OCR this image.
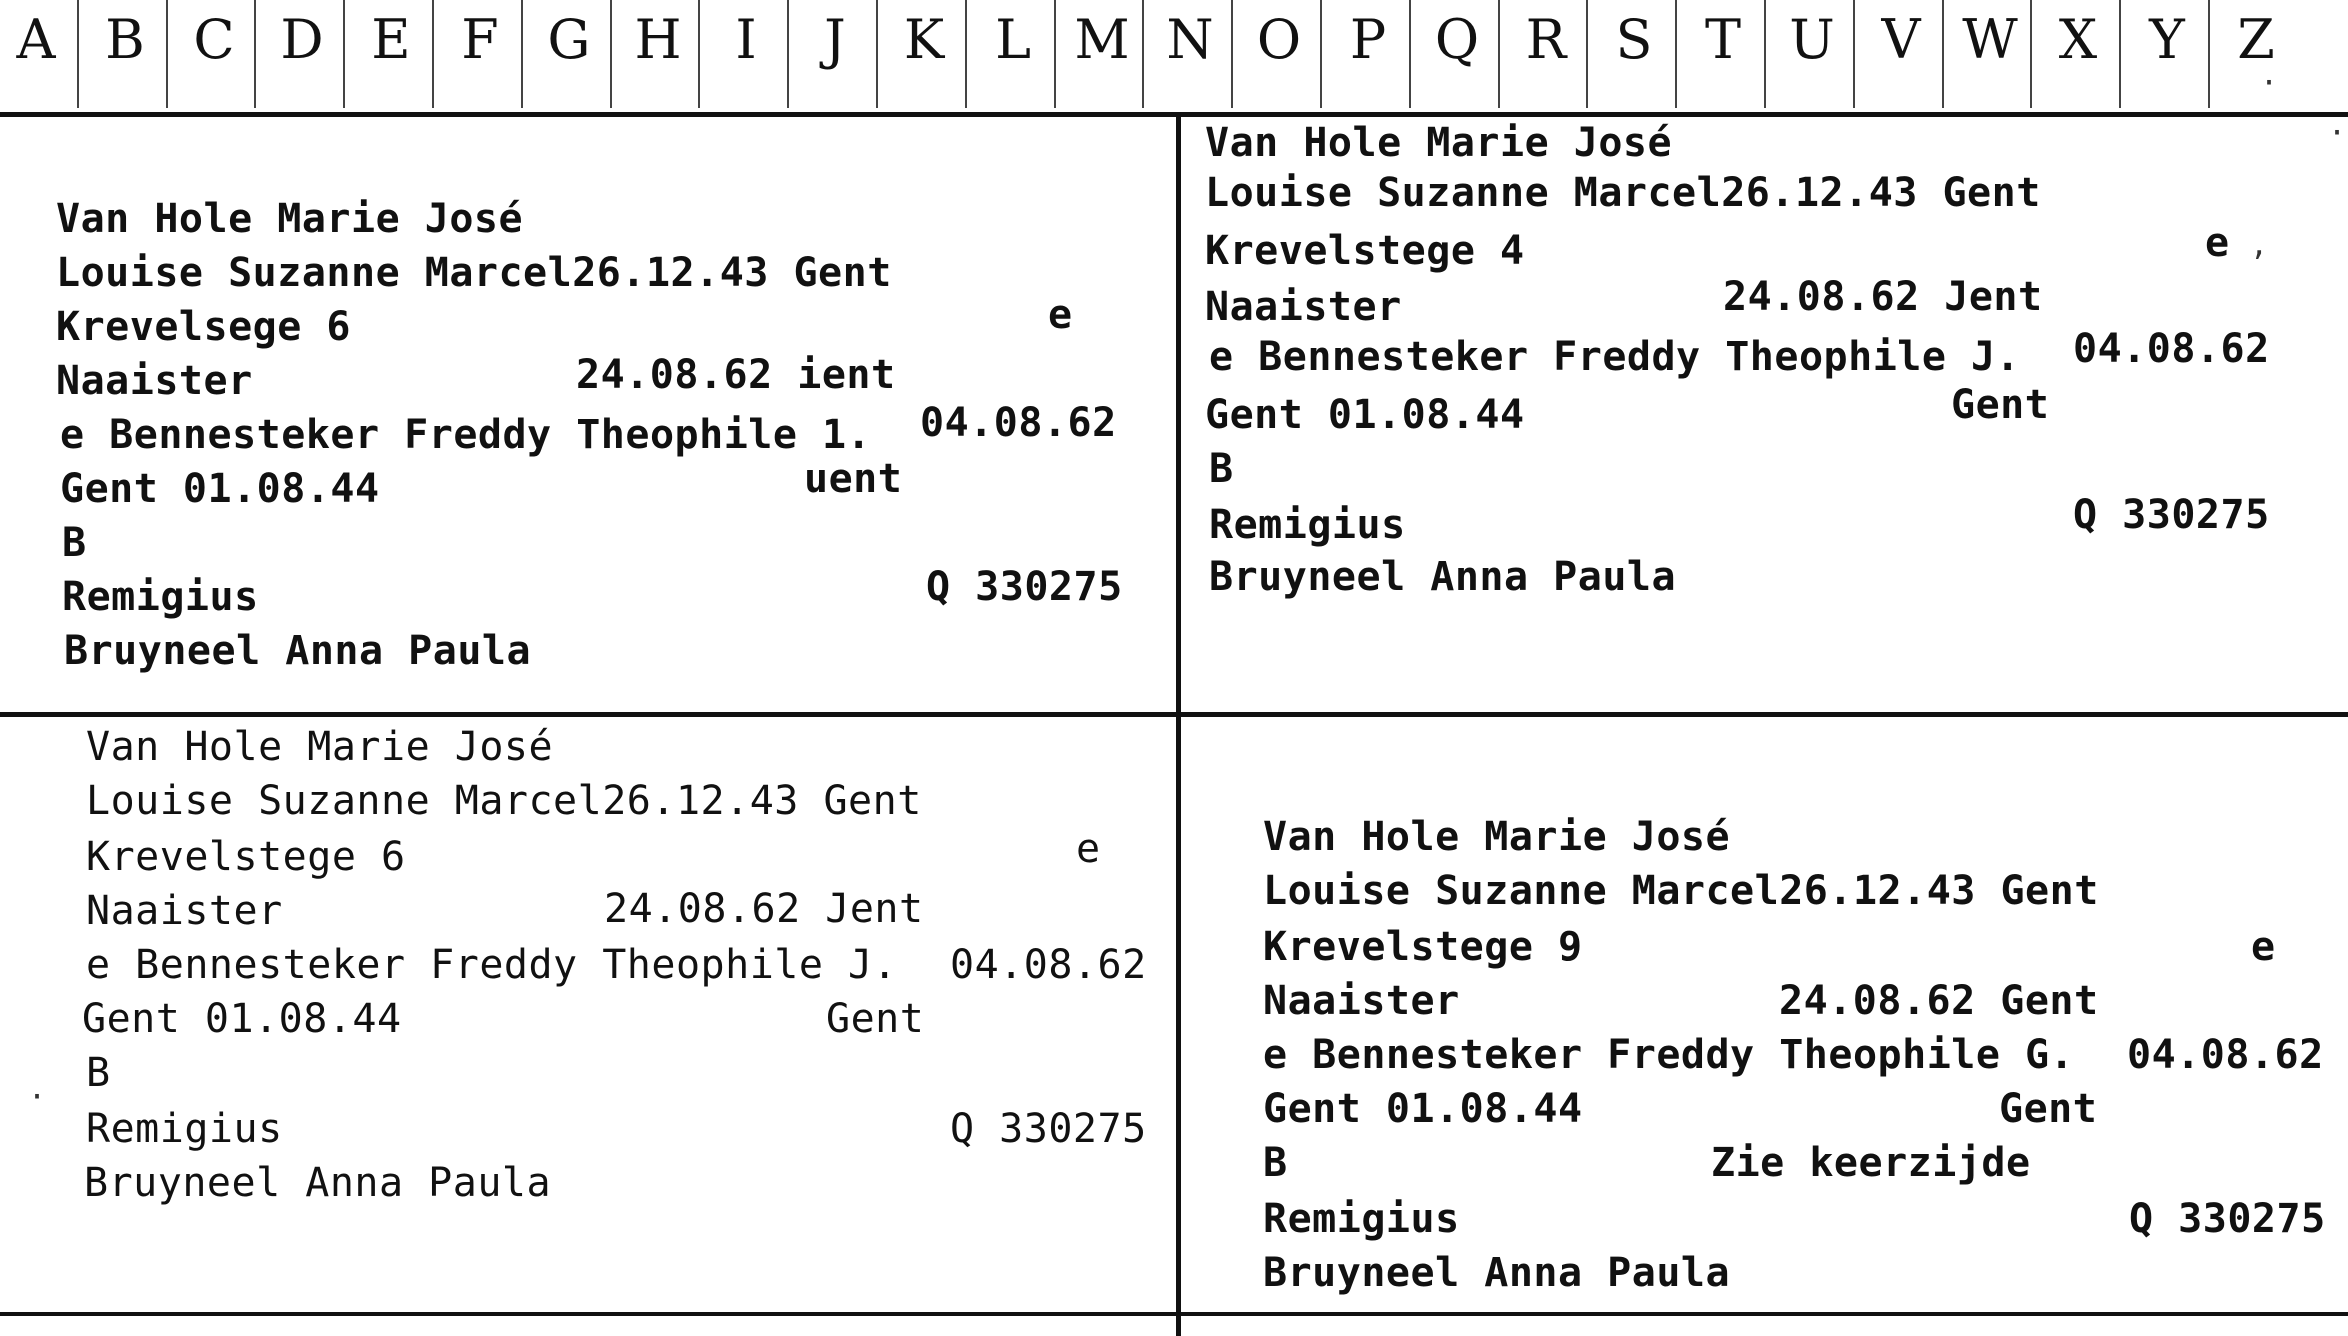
A B C D E F G H I	J	K L M N O P Q R S T U V W X Y Z
Van Hole Marie José
Louise Suzanne Marcel26.12.43 Gent
Krevelsege 6	e
Naaister	24.08.62 ient
e Bennesteker Freddy Theophile 1. 04.08.62
Gent 01.08.44	uent
B
Remigius	Q 330275
Bruyneel Anna Paula
Van Hole Marie José
Louise Suzanne Marcel26.12.43 Gent
Krevelstege 4	e
Naaister	24.08.62 Jent
e Bennesteker Freddy Theophile J. 04.08.62
Gent 01.08.44	Gent
B
Remigius	Q 330275
Bruyneel Anna Paula
Van Hole Marie José
Louise Suzanne Marcel26.12.43 Gent
Krevelstege 6	e
Naaister	24.08.62 Jent
e Bennesteker Freddy Theophile J. 04.08.62
Gent 01.08.44	Gent
B
Remigius	Q 330275
Bruyneel Anna Paula
Van Hole Marie José
Louise Suzanne Marcel26.12.43 Gent
Krevelstege 9	e
Naaister	24.08.62 Gent
e Bennesteker Freddy Theophile G. 04.08.62
Gent 01.08.44	Gent
B	Zie keerzijde
Remigius	Q 330275
Bruyneel Anna Paula
·
,
·
·
